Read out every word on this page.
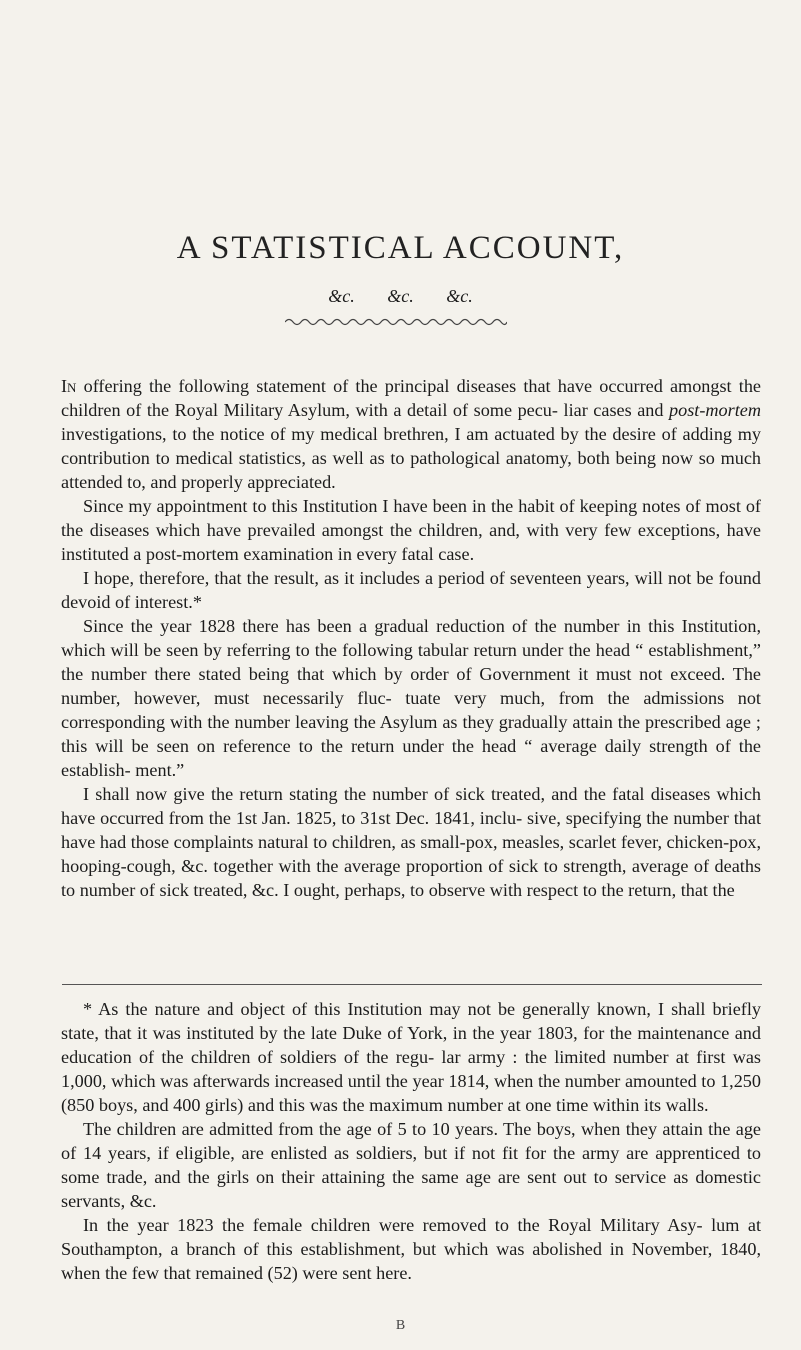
A STATISTICAL ACCOUNT,
&c. &c. &c.

In offering the following statement of the principal diseases that have occurred amongst the children of the Royal Military Asylum, with a detail of some pecu- liar cases and post-mortem investigations, to the notice of my medical brethren, I am actuated by the desire of adding my contribution to medical statistics, as well as to pathological anatomy, both being now so much attended to, and properly appreciated.

Since my appointment to this Institution I have been in the habit of keeping notes of most of the diseases which have prevailed amongst the children, and, with very few exceptions, have instituted a post-mortem examination in every fatal case.

I hope, therefore, that the result, as it includes a period of seventeen years, will not be found devoid of interest.*

Since the year 1828 there has been a gradual reduction of the number in this Institution, which will be seen by referring to the following tabular return under the head “ establishment,” the number there stated being that which by order of Government it must not exceed. The number, however, must necessarily fluc- tuate very much, from the admissions not corresponding with the number leaving the Asylum as they gradually attain the prescribed age ; this will be seen on reference to the return under the head “ average daily strength of the establish- ment.”

I shall now give the return stating the number of sick treated, and the fatal diseases which have occurred from the 1st Jan. 1825, to 31st Dec. 1841, inclu- sive, specifying the number that have had those complaints natural to children, as small-pox, measles, scarlet fever, chicken-pox, hooping-cough, &c. together with the average proportion of sick to strength, average of deaths to number of sick treated, &c. I ought, perhaps, to observe with respect to the return, that the

* As the nature and object of this Institution may not be generally known, I shall briefly state, that it was instituted by the late Duke of York, in the year 1803, for the maintenance and education of the children of soldiers of the regu- lar army : the limited number at first was 1,000, which was afterwards increased until the year 1814, when the number amounted to 1,250 (850 boys, and 400 girls) and this was the maximum number at one time within its walls.

The children are admitted from the age of 5 to 10 years. The boys, when they attain the age of 14 years, if eligible, are enlisted as soldiers, but if not fit for the army are apprenticed to some trade, and the girls on their attaining the same age are sent out to service as domestic servants, &c.

In the year 1823 the female children were removed to the Royal Military Asy- lum at Southampton, a branch of this establishment, but which was abolished in November, 1840, when the few that remained (52) were sent here.

B
